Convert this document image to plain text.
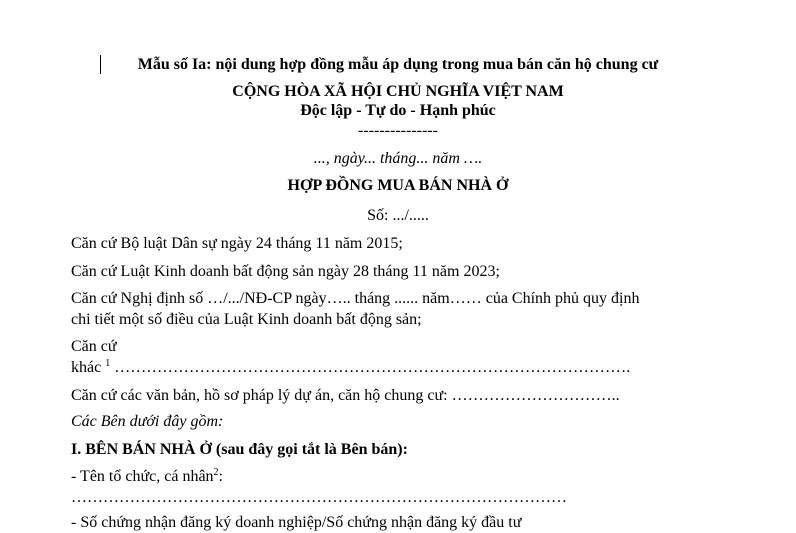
Mẫu số Ia: nội dung hợp đồng mẫu áp dụng trong mua bán căn hộ chung cư
CỘNG HÒA XÃ HỘI CHỦ NGHĨA VIỆT NAM
Độc lập - Tự do - Hạnh phúc
---------------
..., ngày... tháng... năm ….
HỢP ĐỒNG MUA BÁN NHÀ Ở
Số: .../.....
Căn cứ Bộ luật Dân sự ngày 24 tháng 11 năm 2015;
Căn cứ Luật Kinh doanh bất động sản ngày 28 tháng 11 năm 2023;
Căn cứ Nghị định số …/.../NĐ-CP ngày….. tháng ...... năm…… của Chính phủ quy định
chi tiết một số điều của Luật Kinh doanh bất động sản;
Căn cứ
khác $^1$ …………………………………………………………………………………….
Căn cứ các văn bản, hồ sơ pháp lý dự án, căn hộ chung cư: …………………………..
Các Bên dưới đây gồm:
I. BÊN BÁN NHÀ Ở (sau đây gọi tắt là Bên bán):
- Tên tổ chức, cá nhân$^2$:
…………………………………………………………………………………
- Số chứng nhận đăng ký doanh nghiệp/Số chứng nhận đăng ký đầu tư
